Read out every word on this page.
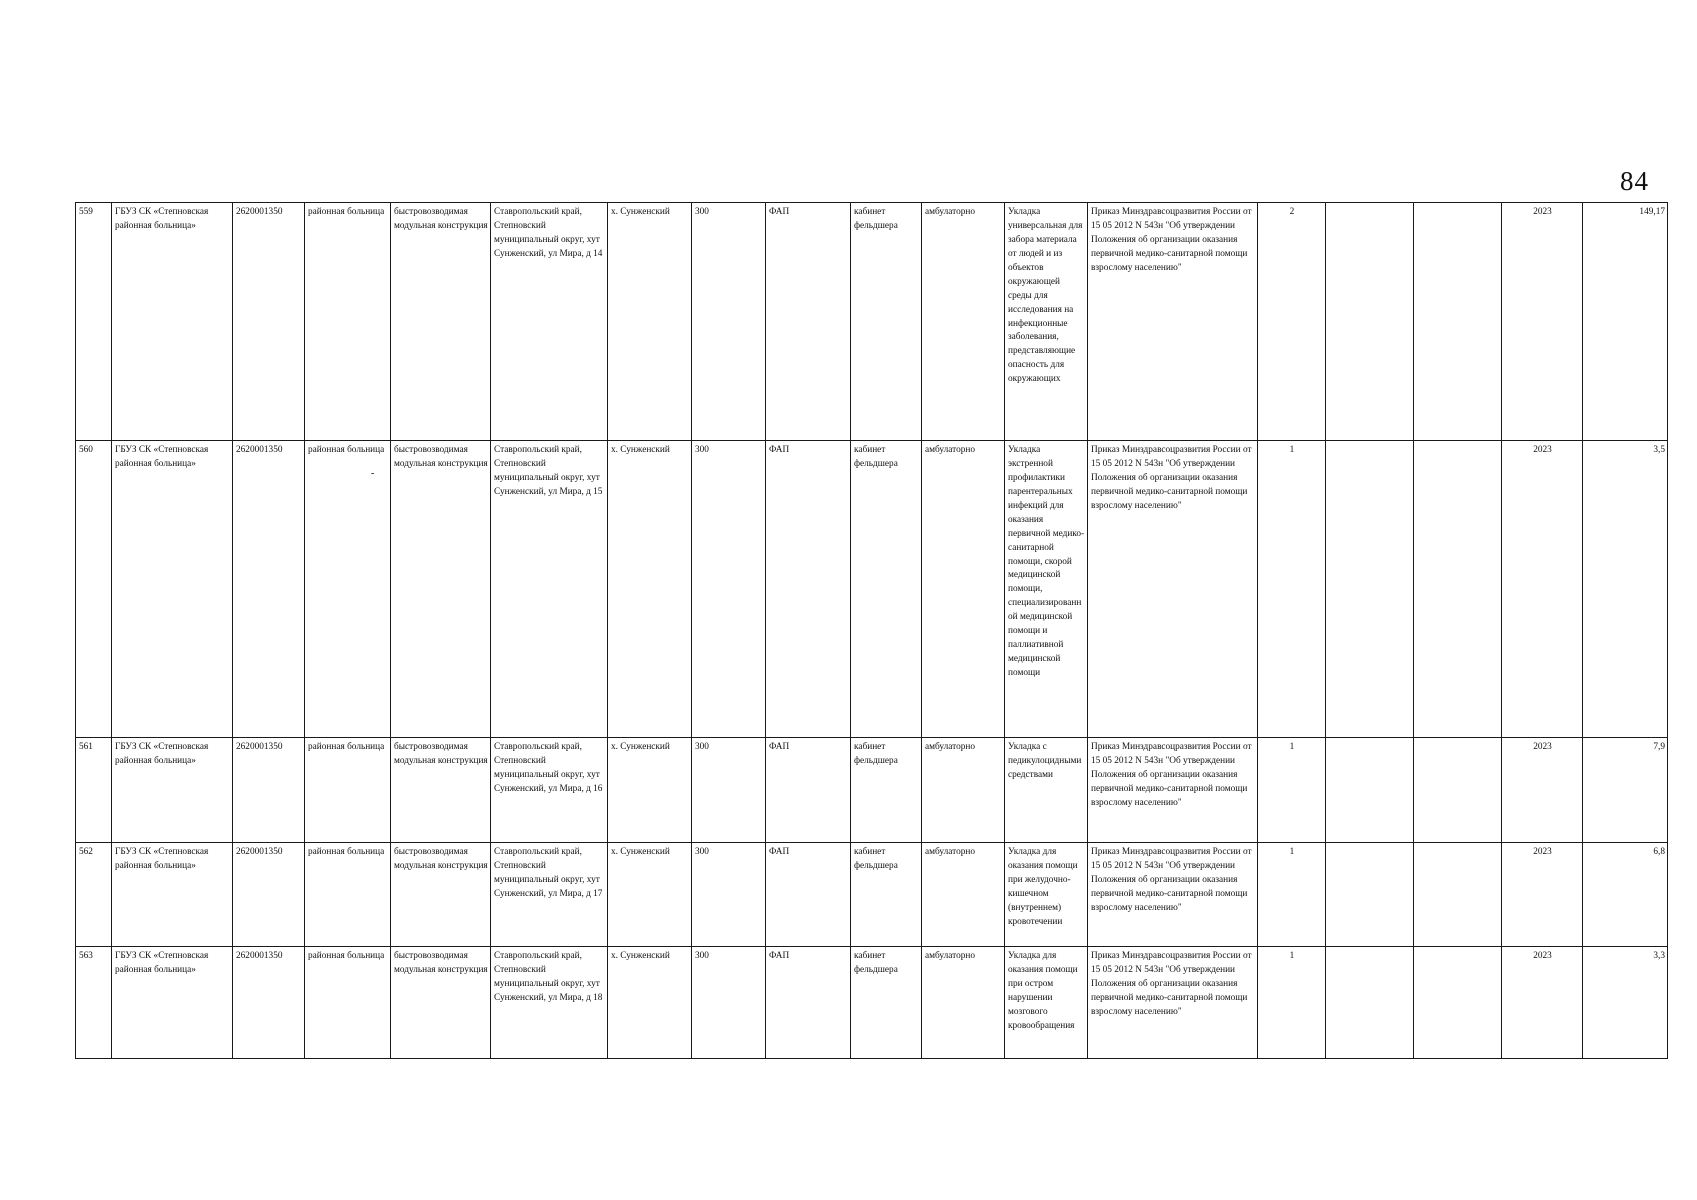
84
559	ГБУЗ СК «Степновская районная больница»	2620001350	районная больница	быстровозводимая модульная конструкция	Ставропольский край, Степновский муниципальный округ, хут Сунженский, ул Мира, д 14	х. Сунженский	300	ФАП	кабинет фельдшера	амбулаторно	Укладка универсальная для забора материала от людей и из объектов окружающей среды для исследования на инфекционные заболевания, представляющие опасность для окружающих	Приказ Минздравсоцразвития России от 15 05 2012 N 543н "Об утверждении Положения об организации оказания первичной медико-санитарной помощи взрослому населению"	2			2023	149,17
560	ГБУЗ СК «Степновская районная больница»	2620001350	районная больница	быстровозводимая модульная конструкция	Ставропольский край, Степновский муниципальный округ, хут Сунженский, ул Мира, д 15	х. Сунженский	300	ФАП	кабинет фельдшера	амбулаторно	Укладка экстренной профилактики парентеральных инфекций для оказания первичной медико-санитарной помощи, скорой медицинской помощи, специализированной медицинской помощи и паллиативной медицинской помощи	Приказ Минздравсоцразвития России от 15 05 2012 N 543н "Об утверждении Положения об организации оказания первичной медико-санитарной помощи взрослому населению"	1			2023	3,5
561	ГБУЗ СК «Степновская районная больница»	2620001350	районная больница	быстровозводимая модульная конструкция	Ставропольский край, Степновский муниципальный округ, хут Сунженский, ул Мира, д 16	х. Сунженский	300	ФАП	кабинет фельдшера	амбулаторно	Укладка с педикулоцидными средствами	Приказ Минздравсоцразвития России от 15 05 2012 N 543н "Об утверждении Положения об организации оказания первичной медико-санитарной помощи взрослому населению"	1			2023	7,9
562	ГБУЗ СК «Степновская районная больница»	2620001350	районная больница	быстровозводимая модульная конструкция	Ставропольский край, Степновский муниципальный округ, хут Сунженский, ул Мира, д 17	х. Сунженский	300	ФАП	кабинет фельдшера	амбулаторно	Укладка для оказания помощи при желудочно-кишечном (внутреннем) кровотечении	Приказ Минздравсоцразвития России от 15 05 2012 N 543н "Об утверждении Положения об организации оказания первичной медико-санитарной помощи взрослому населению"	1			2023	6,8
563	ГБУЗ СК «Степновская районная больница»	2620001350	районная больница	быстровозводимая модульная конструкция	Ставропольский край, Степновский муниципальный округ, хут Сунженский, ул Мира, д 18	х. Сунженский	300	ФАП	кабинет фельдшера	амбулаторно	Укладка для оказания помощи при остром нарушении мозгового кровообращения	Приказ Минздравсоцразвития России от 15 05 2012 N 543н "Об утверждении Положения об организации оказания первичной медико-санитарной помощи взрослому населению"	1			2023	3,3
-
